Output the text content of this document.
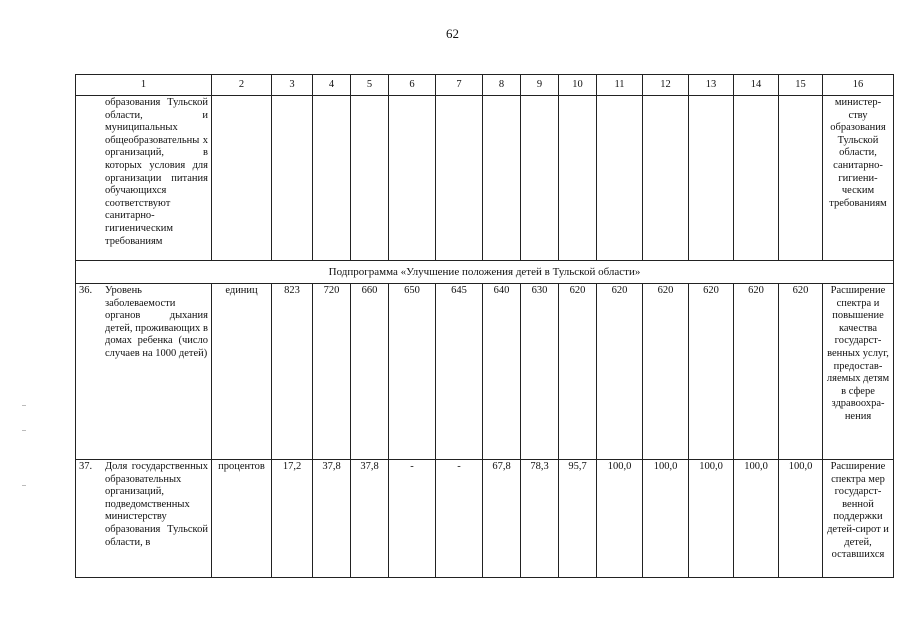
62
1	2	3	4	5	6	7	8	9	10	11	12	13	14	15	16

образования Тульской области, и муниципальных общеобразовательны х организаций, в которых условия для организации питания обучающихся соответствуют санитарно-гигиеническим требованиям															министер-ству образования Тульской области, санитарно-гигиени-ческим требованиям
Подпрограмма «Улучшение положения детей в Тульской области»															

36. Уровень заболеваемости органов дыхания детей, проживающих в домах ребенка (число случаев на 1000 детей)	единиц	823	720	660	650	645	640	630	620	620	620	620	620	620	Расширение спектра и повышение качества государст-венных услуг, предостав-ляемых детям в сфере здравоохра-нения

37. Доля государственных образовательных организаций, подведомственных министерству образования Тульской области, в	процентов	17,2	37,8	37,8	-	-	67,8	78,3	95,7	100,0	100,0	100,0	100,0	100,0	Расширение спектра мер государст-венной поддержки детей-сирот и детей, оставшихся
